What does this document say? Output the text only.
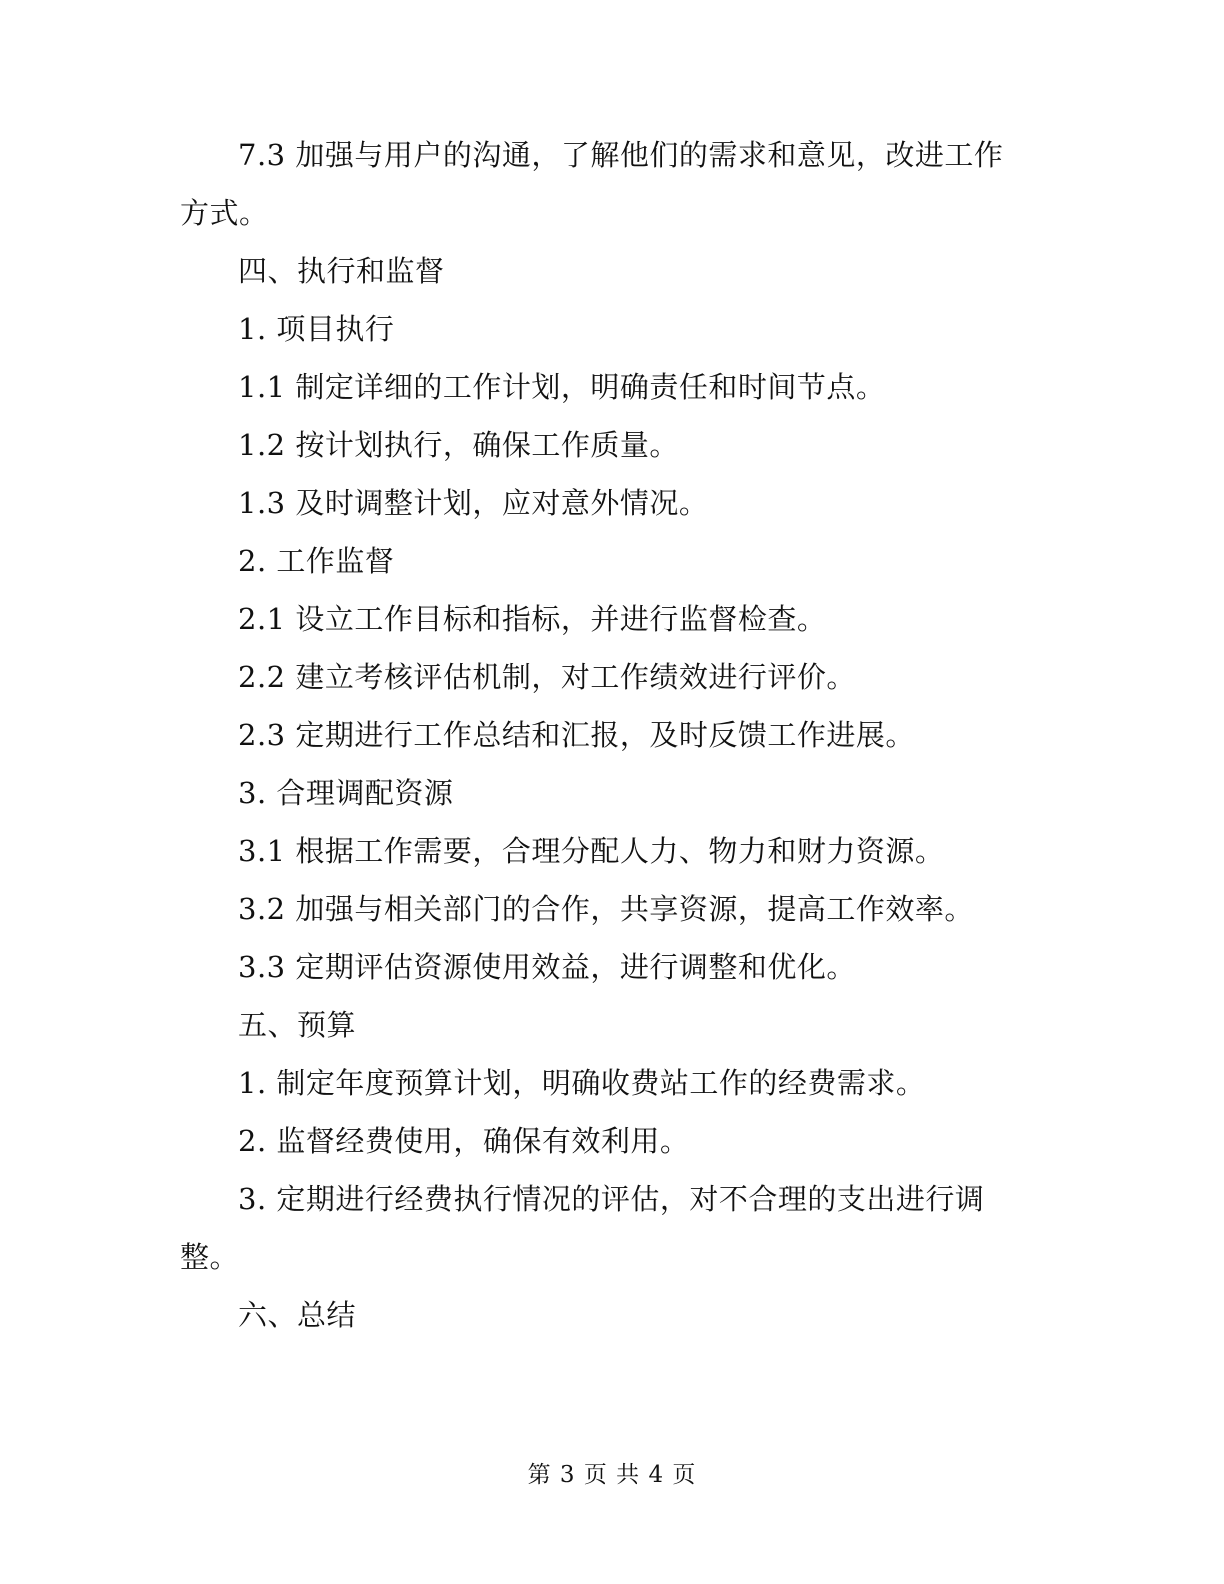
7.3 加强与用户的沟通，了解他们的需求和意见，改进工作
方式。
四、执行和监督
1. 项目执行
1.1 制定详细的工作计划，明确责任和时间节点。
1.2 按计划执行，确保工作质量。
1.3 及时调整计划，应对意外情况。
2. 工作监督
2.1 设立工作目标和指标，并进行监督检查。
2.2 建立考核评估机制，对工作绩效进行评价。
2.3 定期进行工作总结和汇报，及时反馈工作进展。
3. 合理调配资源
3.1 根据工作需要，合理分配人力、物力和财力资源。
3.2 加强与相关部门的合作，共享资源，提高工作效率。
3.3 定期评估资源使用效益，进行调整和优化。
五、预算
1. 制定年度预算计划，明确收费站工作的经费需求。
2. 监督经费使用，确保有效利用。
3. 定期进行经费执行情况的评估，对不合理的支出进行调
整。
六、总结
第 3 页 共 4 页
